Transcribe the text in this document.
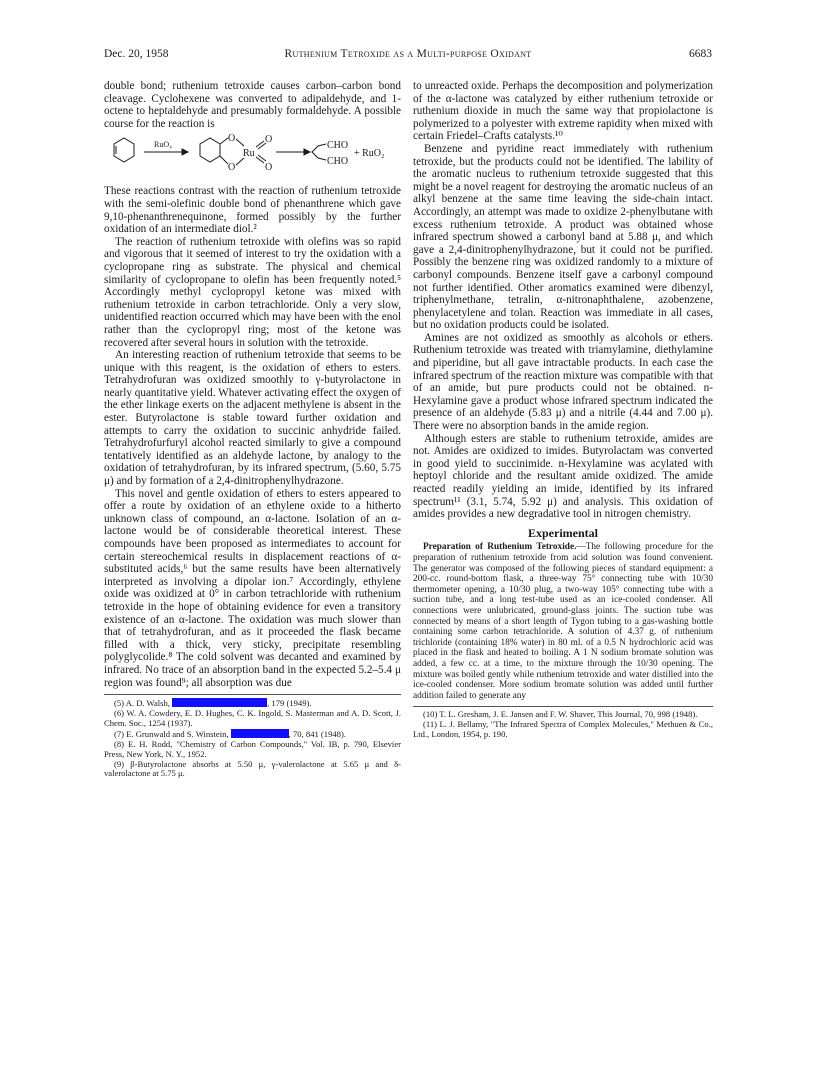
Dec. 20, 1958	Ruthenium Tetroxide as a Multi-purpose Oxidant	6683

double bond; ruthenium tetroxide causes carbon–carbon bond cleavage. Cyclohexene was converted to adipaldehyde, and 1-octene to heptaldehyde and presumably formaldehyde. A possible course for the reaction is

RuO₄
O
O
Ru
O
O
CHO
CHO
+ RuO₂

These reactions contrast with the reaction of ruthenium tetroxide with the semi-olefinic double bond of phenanthrene which gave 9,10-phenanthrenequinone, formed possibly by the further oxidation of an intermediate diol.²

The reaction of ruthenium tetroxide with olefins was so rapid and vigorous that it seemed of interest to try the oxidation with a cyclopropane ring as substrate. The physical and chemical similarity of cyclopropane to olefin has been frequently noted.⁵ Accordingly methyl cyclopropyl ketone was mixed with ruthenium tetroxide in carbon tetrachloride. Only a very slow, unidentified reaction occurred which may have been with the enol rather than the cyclopropyl ring; most of the ketone was recovered after several hours in solution with the tetroxide.

An interesting reaction of ruthenium tetroxide that seems to be unique with this reagent, is the oxidation of ethers to esters. Tetrahydrofuran was oxidized smoothly to γ-butyrolactone in nearly quantitative yield. Whatever activating effect the oxygen of the ether linkage exerts on the adjacent methylene is absent in the ester. Butyrolactone is stable toward further oxidation and attempts to carry the oxidation to succinic anhydride failed. Tetrahydrofurfuryl alcohol reacted similarly to give a compound tentatively identified as an aldehyde lactone, by analogy to the oxidation of tetrahydrofuran, by its infrared spectrum, (5.60, 5.75 μ) and by formation of a 2,4-dinitrophenylhydrazone.

This novel and gentle oxidation of ethers to esters appeared to offer a route by oxidation of an ethylene oxide to a hitherto unknown class of compound, an α-lactone. Isolation of an α-lactone would be of considerable theoretical interest. These compounds have been proposed as intermediates to account for certain stereochemical results in displacement reactions of α-substituted acids,⁶ but the same results have been alternatively interpreted as involving a dipolar ion.⁷ Accordingly, ethylene oxide was oxidized at 0° in carbon tetrachloride with ruthenium tetroxide in the hope of obtaining evidence for even a transitory existence of an α-lactone. The oxidation was much slower than that of tetrahydrofuran, and as it proceeded the flask became filled with a thick, very sticky, precipitate resembling polyglycolide.⁸ The cold solvent was decanted and examined by infrared. No trace of an absorption band in the expected 5.2–5.4 μ region was found⁹; all absorption was due

(5) A. D. Walsh,	, 179 (1949).

(6) W. A. Cowdery, E. D. Hughes, C. K. Ingold, S. Masterman and A. D. Scott, J. Chem. Soc., 1254 (1937).

(7) E. Grunwald and S. Winstein,	, 70, 841 (1948).

(8) E. H. Rodd, "Chemistry of Carbon Compounds," Vol. IB, p. 790, Elsevier Press, New York, N. Y., 1952.

(9) β-Butyrolactone absorbs at 5.50 μ, γ-valerolactone at 5.65 μ and δ-valerolactone at 5.75 μ.

to unreacted oxide. Perhaps the decomposition and polymerization of the α-lactone was catalyzed by either ruthenium tetroxide or ruthenium dioxide in much the same way that propiolactone is polymerized to a polyester with extreme rapidity when mixed with certain Friedel–Crafts catalysts.¹⁰

Benzene and pyridine react immediately with ruthenium tetroxide, but the products could not be identified. The lability of the aromatic nucleus to ruthenium tetroxide suggested that this might be a novel reagent for destroying the aromatic nucleus of an alkyl benzene at the same time leaving the side-chain intact. Accordingly, an attempt was made to oxidize 2-phenylbutane with excess ruthenium tetroxide. A product was obtained whose infrared spectrum showed a carbonyl band at 5.88 μ, and which gave a 2,4-dinitrophenylhydrazone, but it could not be purified. Possibly the benzene ring was oxidized randomly to a mixture of carbonyl compounds. Benzene itself gave a carbonyl compound not further identified. Other aromatics examined were dibenzyl, triphenylmethane, tetralin, α-nitronaphthalene, azobenzene, phenylacetylene and tolan. Reaction was immediate in all cases, but no oxidation products could be isolated.

Amines are not oxidized as smoothly as alcohols or ethers. Ruthenium tetroxide was treated with triamylamine, diethylamine and piperidine, but all gave intractable products. In each case the infrared spectrum of the reaction mixture was compatible with that of an amide, but pure products could not be obtained. n-Hexylamine gave a product whose infrared spectrum indicated the presence of an aldehyde (5.83 μ) and a nitrile (4.44 and 7.00 μ). There were no absorption bands in the amide region.

Although esters are stable to ruthenium tetroxide, amides are not. Amides are oxidized to imides. Butyrolactam was converted in good yield to succinimide. n-Hexylamine was acylated with heptoyl chloride and the resultant amide oxidized. The amide reacted readily yielding an imide, identified by its infrared spectrum¹¹ (3.1, 5.74, 5.92 μ) and analysis. This oxidation of amides provides a new degradative tool in nitrogen chemistry.

Experimental

Preparation of Ruthenium Tetroxide.—The following procedure for the preparation of ruthenium tetroxide from acid solution was found convenient. The generator was composed of the following pieces of standard equipment: a 200-cc. round-bottom flask, a three-way 75° connecting tube with 10/30 thermometer opening, a 10/30 plug, a two-way 105° connecting tube with a suction tube, and a long test-tube used as an ice-cooled condenser. All connections were unlubricated, ground-glass joints. The suction tube was connected by means of a short length of Tygon tubing to a gas-washing bottle containing some carbon tetrachloride. A solution of 4.37 g. of ruthenium trichloride (containing 18% water) in 80 ml. of a 0.5 N hydrochloric acid was placed in the flask and heated to boiling. A 1 N sodium bromate solution was added, a few cc. at a time, to the mixture through the 10/30 opening. The mixture was boiled gently while ruthenium tetroxide and water distilled into the ice-cooled condenser. More sodium bromate solution was added until further addition failed to generate any

(10) T. L. Gresham, J. E. Jansen and F. W. Shaver, This Journal, 70, 998 (1948).

(11) L. J. Bellamy, "The Infrared Spectra of Complex Molecules," Methuen & Co., Ltd., London, 1954, p. 190.
